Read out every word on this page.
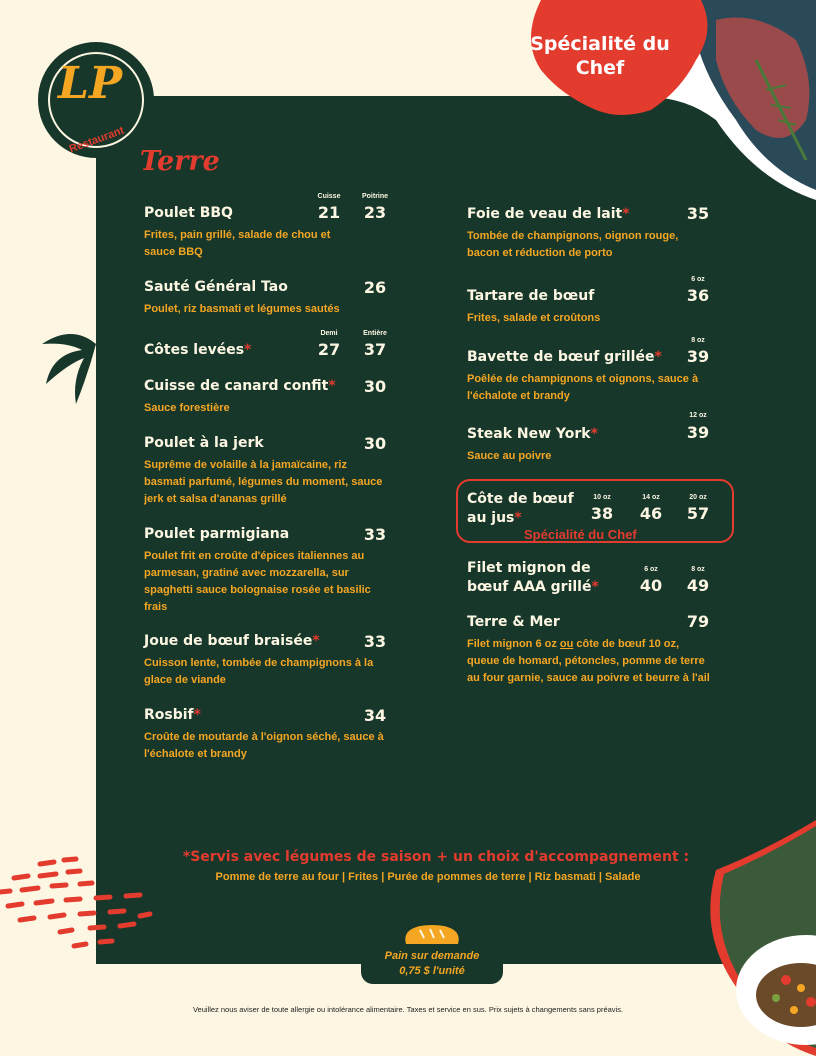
Spécialité du Chef
LP
Restaurant
Terre
Poulet BBQ
Frites, pain grillé, salade de chou et sauce BBQ
Cuisse	Poitrine
21	23
Sauté Général Tao
Poulet, riz basmati et légumes sautés
26
Côtes levées*
Demi	Entière
27	37
Cuisse de canard confit*
Sauce forestière
30
Poulet à la jerk
Suprême de volaille à la jamaïcaine, riz basmati parfumé, légumes du moment, sauce jerk et salsa d'ananas grillé
30
Poulet parmigiana
Poulet frit en croûte d'épices italiennes au parmesan, gratiné avec mozzarella, sur spaghetti sauce bolognaise rosée et basilic frais
33
Joue de bœuf braisée*
Cuisson lente, tombée de champignons à la glace de viande
33
Rosbif*
Croûte de moutarde à l'oignon séché, sauce à l'échalote et brandy
34
Foie de veau de lait*
Tombée de champignons, oignon rouge, bacon et réduction de porto
35
Tartare de bœuf
Frites, salade et croûtons
6 oz
36
Bavette de bœuf grillée*
Poêlée de champignons et oignons, sauce à l'échalote et brandy
8 oz
39
Steak New York*
Sauce au poivre
12 oz
39
Côte de bœuf
au jus*
Spécialité du Chef
10 oz	14 oz	20 oz
38	46	57
Filet mignon de
bœuf AAA grillé*
6 oz	8 oz
40	49
Terre & Mer
Filet mignon 6 oz ou côte de bœuf 10 oz, queue de homard, pétoncles, pomme de terre au four garnie, sauce au poivre et beurre à l'ail
79
*Servis avec légumes de saison + un choix d'accompagnement :
Pomme de terre au four | Frites | Purée de pommes de terre | Riz basmati | Salade
Pain sur demande
0,75 $ l'unité
Veuillez nous aviser de toute allergie ou intolérance alimentaire. Taxes et service en sus. Prix sujets à changements sans préavis.
